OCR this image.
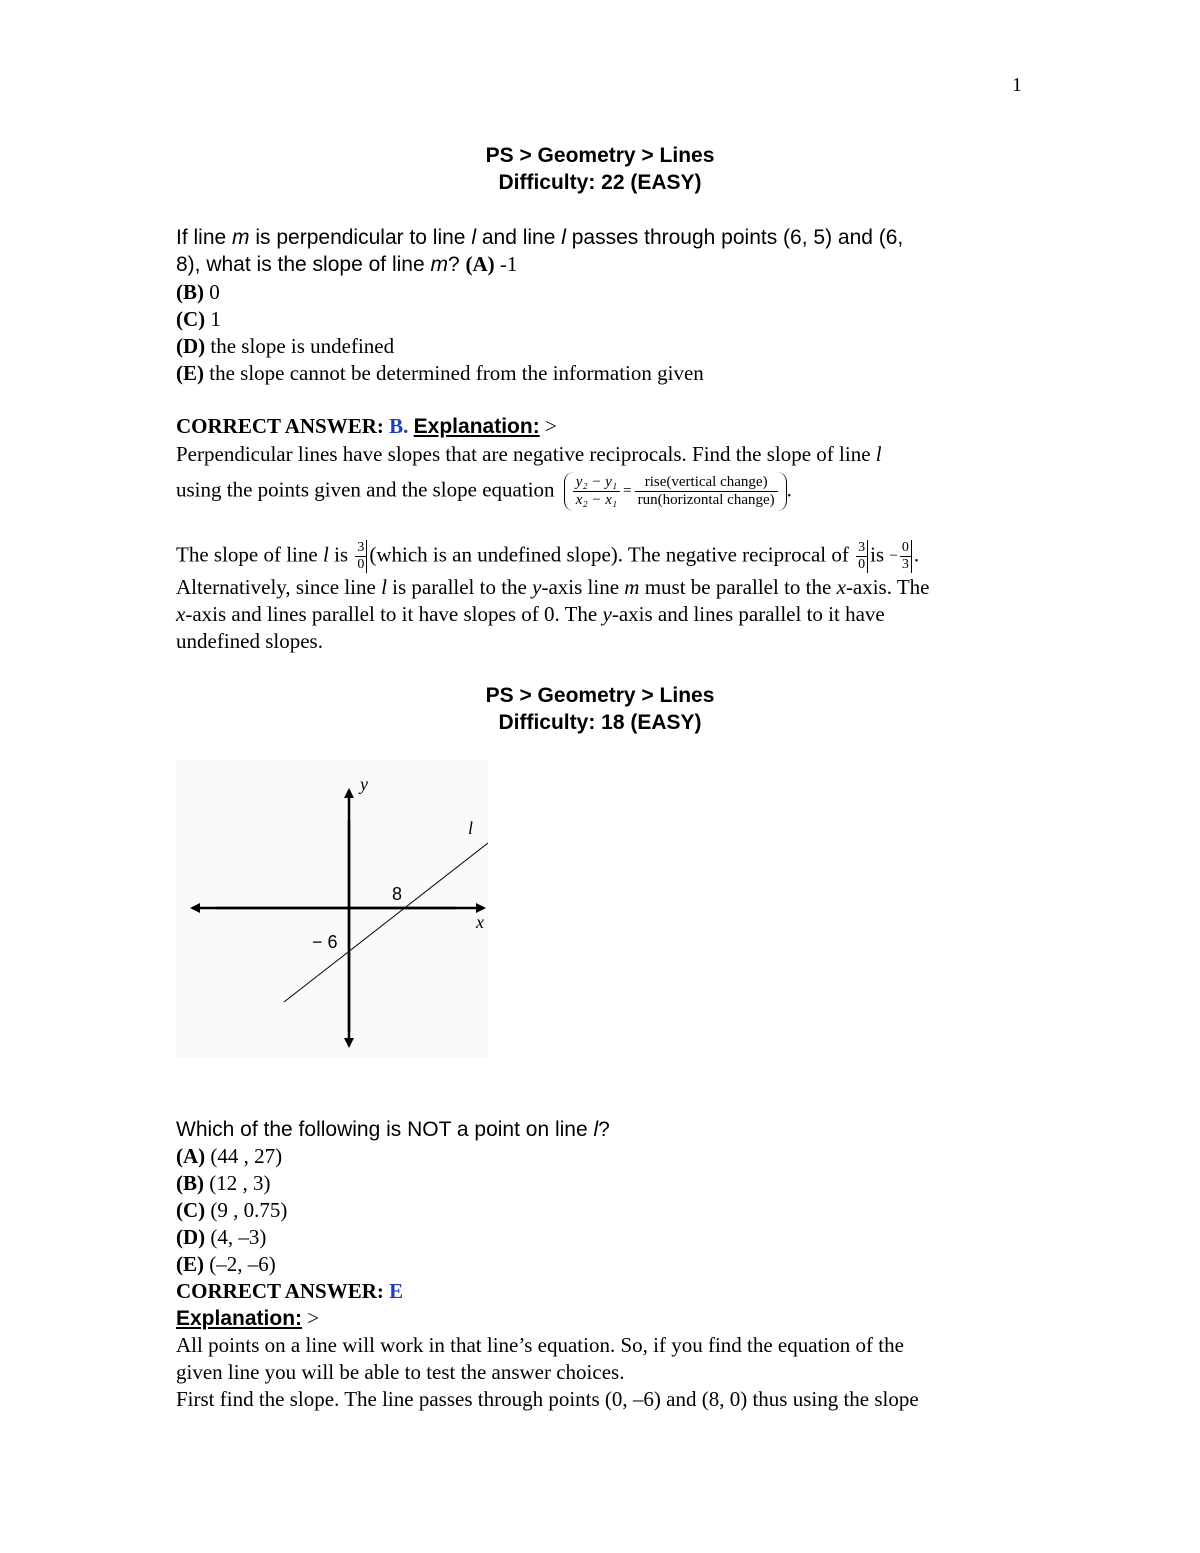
1
PS > Geometry > Lines
Difficulty: 22 (EASY)
If line m is perpendicular to line l and line l passes through points (6, 5) and (6,
8), what is the slope of line m? (A) -1
(B) 0
(C) 1
(D) the slope is undefined
(E) the slope cannot be determined from the information given
CORRECT ANSWER: B. Explanation: >
Perpendicular lines have slopes that are negative reciprocals. Find the slope of line l
using the points given and the slope equation y₂ − y₁	=	rise(vertical change)
x₂ − x₁		run(horizontal change) .
The slope of line l is $\frac{3}{0}$ (which is an undefined slope). The negative reciprocal of $\frac{3}{0}$ is − $\frac{0}{3}$ .
Alternatively, since line l is parallel to the y-axis line m must be parallel to the x-axis. The
x-axis and lines parallel to it have slopes of 0. The y-axis and lines parallel to it have
undefined slopes.
PS > Geometry > Lines
Difficulty: 18 (EASY)
y
x
l
8
− 6
Which of the following is NOT a point on line l?
(A) (44 , 27)
(B) (12 , 3)
(C) (9 , 0.75)
(D) (4, –3)
(E) (–2, –6)
CORRECT ANSWER: E
Explanation: >
All points on a line will work in that line’s equation. So, if you find the equation of the
given line you will be able to test the answer choices.
First find the slope. The line passes through points (0, –6) and (8, 0) thus using the slope
